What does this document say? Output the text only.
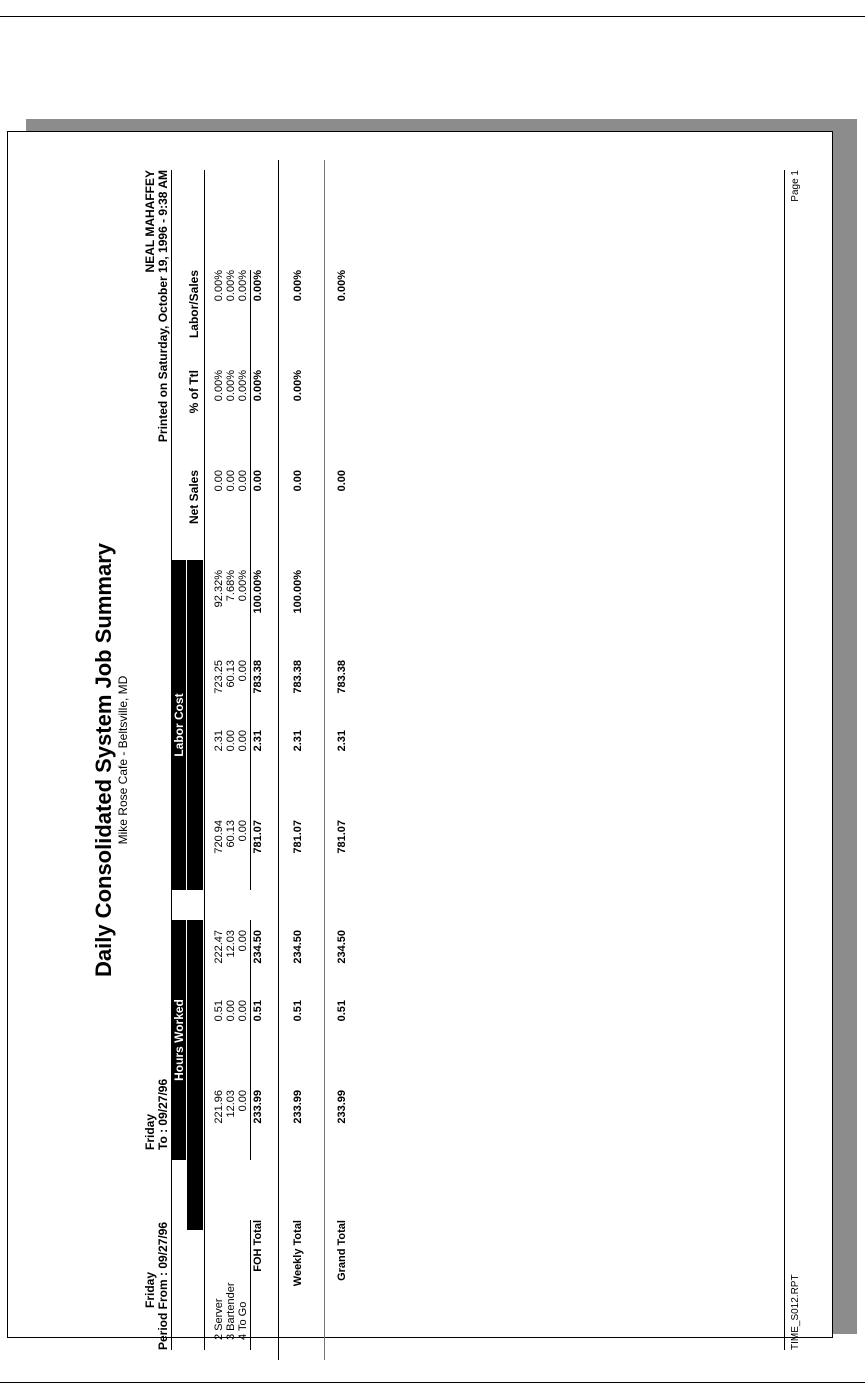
Daily Consolidated System Job Summary Mike Rose Cafe - Beltsville, MD
Friday Period From : 09/27/96
Friday To : 09/27/96
NEAL MAHAFFEY Printed on Saturday, October 19, 1996 - 9:38 AM
Hours Worked
Labor Cost
Regular
Overtime
Total
Regular
Overtime
Total
% of Ttl
Net Sales
% of Ttl
Labor/Sales
2 Server
221.96
0.51
222.47
720.94
2.31
723.25
92.32%
0.00
0.00%
0.00%
3 Bartender
12.03
0.00
12.03
60.13
0.00
60.13
7.68%
0.00
0.00%
0.00%
4 To Go
0.00
0.00
0.00
0.00
0.00
0.00
0.00%
0.00
0.00%
0.00%
FOH Total
233.99
0.51
234.50
781.07
2.31
783.38
100.00%
0.00
0.00%
0.00%
Weekly Total
233.99
0.51
234.50
781.07
2.31
783.38
100.00%
0.00
0.00%
0.00%
Grand Total
233.99
0.51
234.50
781.07
2.31
783.38
0.00
0.00%
TIME_S012.RPT
Page 1
